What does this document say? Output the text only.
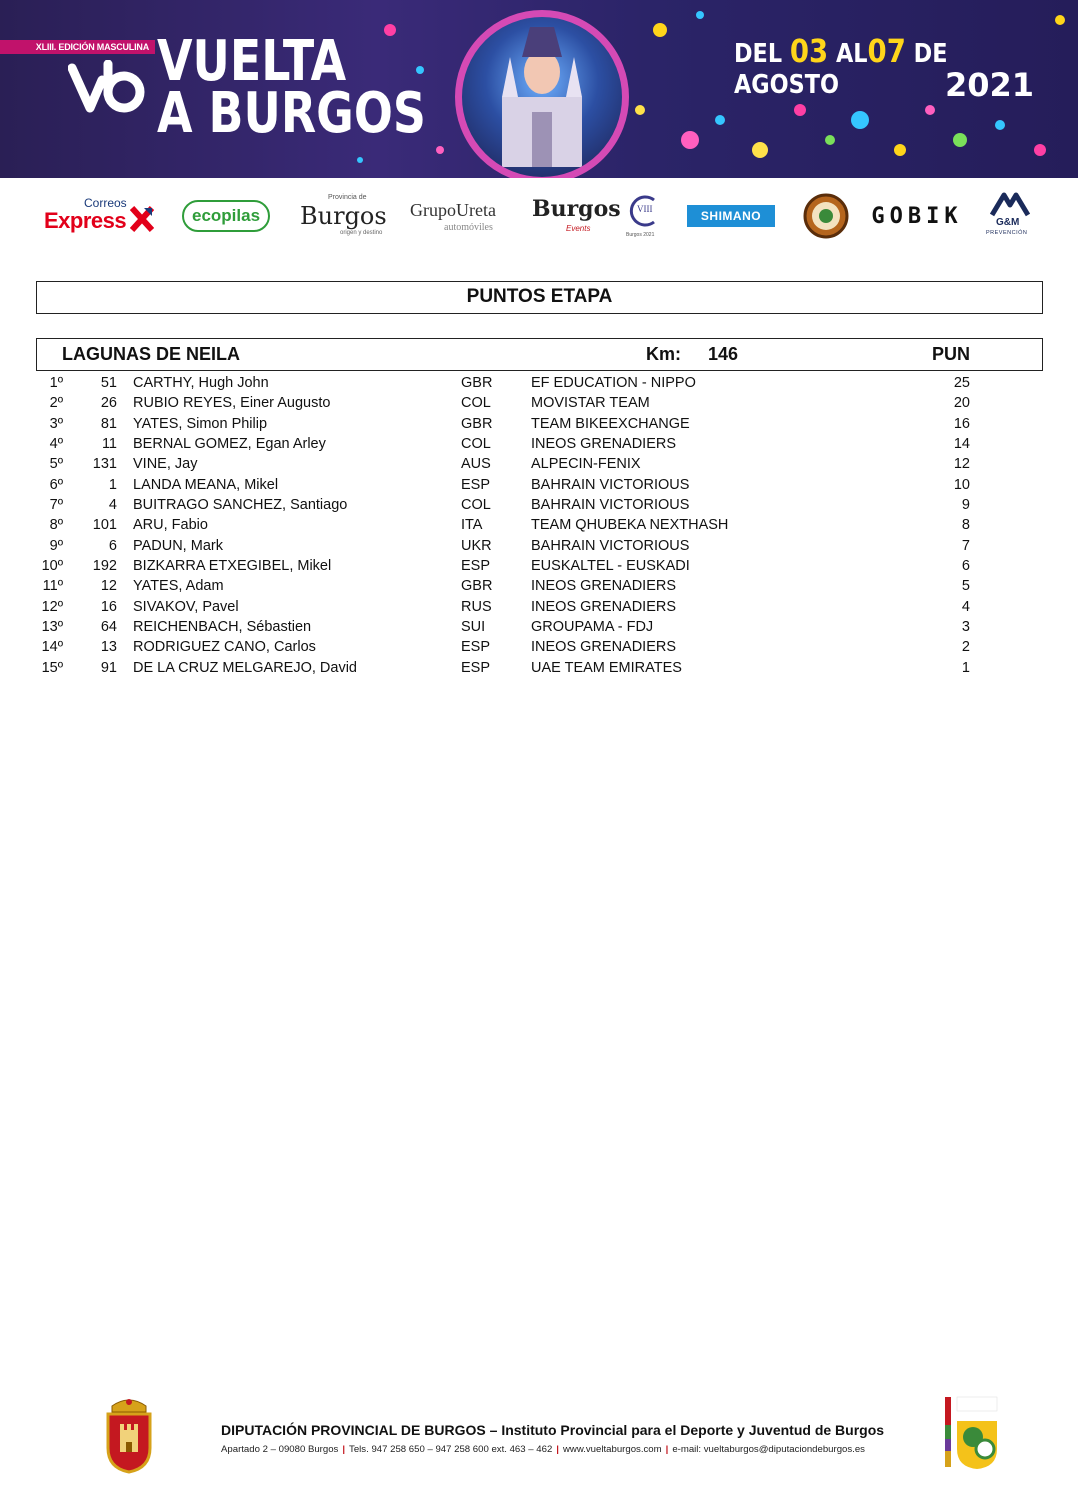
XLIII. EDICIÓN MASCULINA VUELTA
A BURGOS
DEL 03 AL07 DE AGOSTO	2021
Correos
Express	ecopilas
Provincia de
Burgos
origen y destino
GrupoUreta
automóviles
Burgos
Events
VIII
Burgos 2021
SHIMANO	GOBIK	G&M
PREVENCIÓN
PUNTOS ETAPA
LAGUNAS DE NEILA	Km: 146	PUN
1º	51 CARTHY, Hugh John	GBR	EF EDUCATION - NIPPO	25
2º	26 RUBIO REYES, Einer Augusto	COL	MOVISTAR TEAM	20
3º	81 YATES, Simon Philip	GBR	TEAM BIKEEXCHANGE	16
4º	11 BERNAL GOMEZ, Egan Arley	COL	INEOS GRENADIERS	14
5º 131 VINE, Jay	AUS	ALPECIN-FENIX	12
6º	1 LANDA MEANA, Mikel	ESP	BAHRAIN VICTORIOUS	10
7º	4 BUITRAGO SANCHEZ, Santiago	COL	BAHRAIN VICTORIOUS	9
8º 101 ARU, Fabio	ITA	TEAM QHUBEKA NEXTHASH	8
9º	6 PADUN, Mark	UKR	BAHRAIN VICTORIOUS	7
10º 192 BIZKARRA ETXEGIBEL, Mikel	ESP	EUSKALTEL - EUSKADI	6
11º	12 YATES, Adam	GBR	INEOS GRENADIERS	5
12º	16 SIVAKOV, Pavel	RUS	INEOS GRENADIERS	4
13º	64 REICHENBACH, Sébastien	SUI	GROUPAMA - FDJ	3
14º	13 RODRIGUEZ CANO, Carlos	ESP	INEOS GRENADIERS	2
15º	91 DE LA CRUZ MELGAREJO, David	ESP	UAE TEAM EMIRATES	1
DIPUTACIÓN PROVINCIAL DE BURGOS – Instituto Provincial para el Deporte y Juventud de Burgos
Apartado 2 – 09080 Burgos | Tels. 947 258 650 – 947 258 600 ext. 463 – 462 | www.vueltaburgos.com | e-mail: vueltaburgos@diputaciondeburgos.es
